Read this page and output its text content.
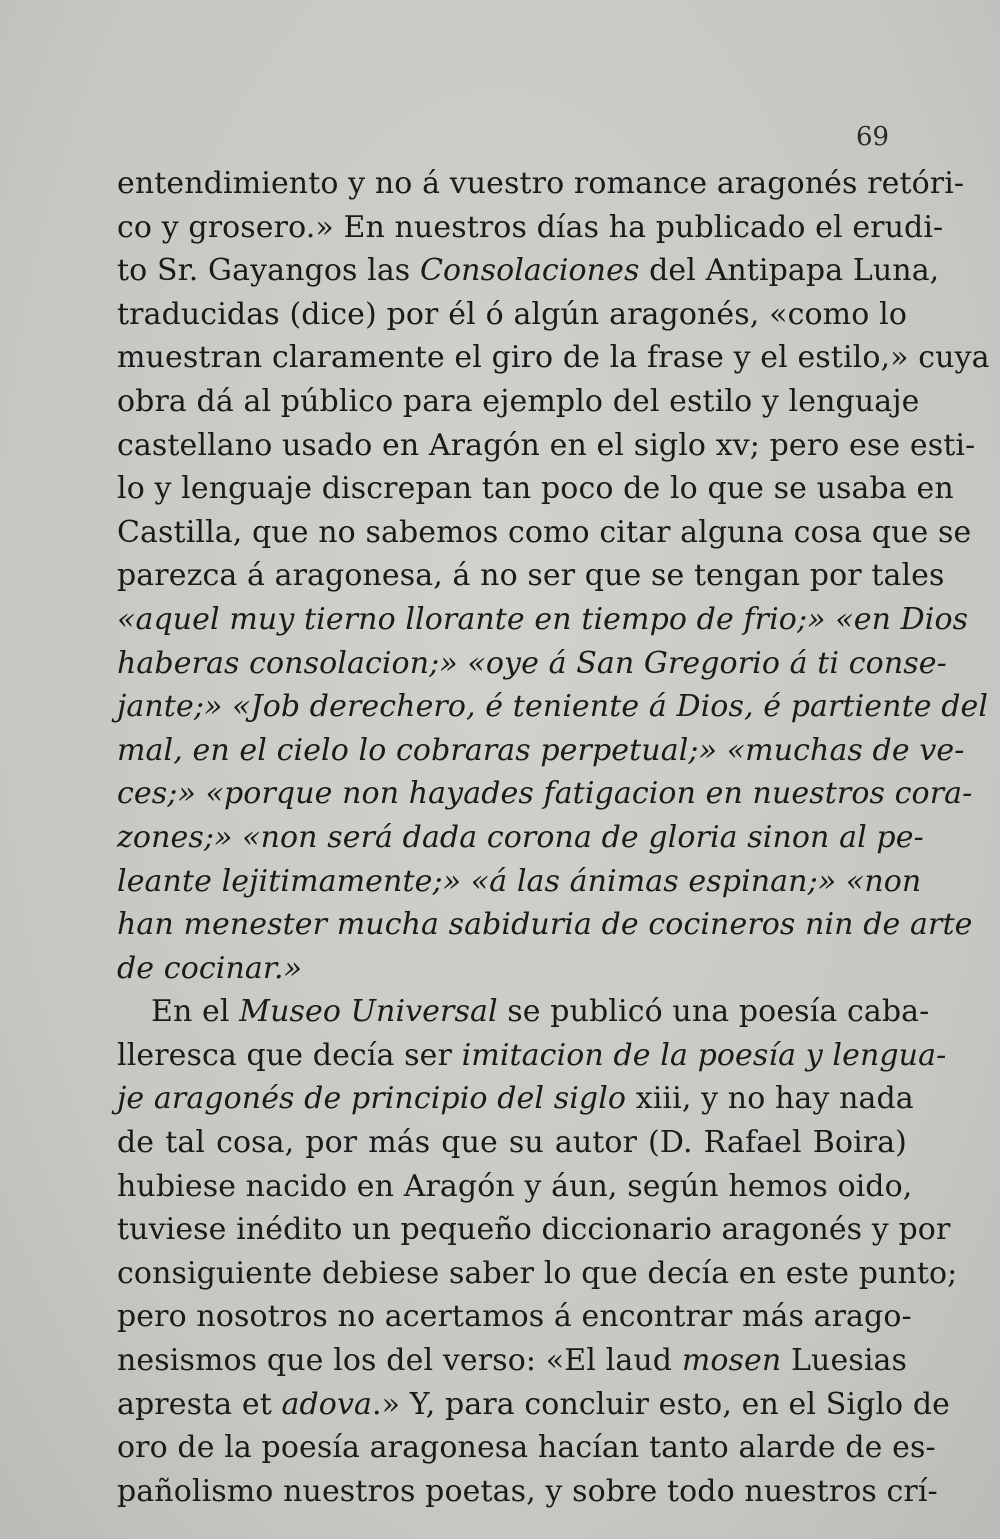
69
entendimiento y no á vuestro romance aragonés retóri-
co y grosero.» En nuestros días ha publicado el erudi-
to Sr. Gayangos las Consolaciones del Antipapa Luna,
traducidas (dice) por él ó algún aragonés, «como lo
muestran claramente el giro de la frase y el estilo,» cuya
obra dá al público para ejemplo del estilo y lenguaje
castellano usado en Aragón en el siglo xv; pero ese esti-
lo y lenguaje discrepan tan poco de lo que se usaba en
Castilla, que no sabemos como citar alguna cosa que se
parezca á aragonesa, á no ser que se tengan por tales
«aquel muy tierno llorante en tiempo de frio;» «en Dios
haberas consolacion;» «oye á San Gregorio á ti conse-
jante;» «Job derechero, é teniente á Dios, é partiente del
mal, en el cielo lo cobraras perpetual;» «muchas de ve-
ces;» «porque non hayades fatigacion en nuestros cora-
zones;» «non será dada corona de gloria sinon al pe-
leante lejitimamente;» «á las ánimas espinan;» «non
han menester mucha sabiduria de cocineros nin de arte
de cocinar.»
En el Museo Universal se publicó una poesía caba-
lleresca que decía ser imitacion de la poesía y lengua-
je aragonés de principio del siglo xiii, y no hay nada
de tal cosa, por más que su autor (D. Rafael Boira)
hubiese nacido en Aragón y áun, según hemos oido,
tuviese inédito un pequeño diccionario aragonés y por
consiguiente debiese saber lo que decía en este punto;
pero nosotros no acertamos á encontrar más arago-
nesismos que los del verso: «El laud mosen Luesias
apresta et adova.» Y, para concluir esto, en el Siglo de
oro de la poesía aragonesa hacían tanto alarde de es-
pañolismo nuestros poetas, y sobre todo nuestros crí-
